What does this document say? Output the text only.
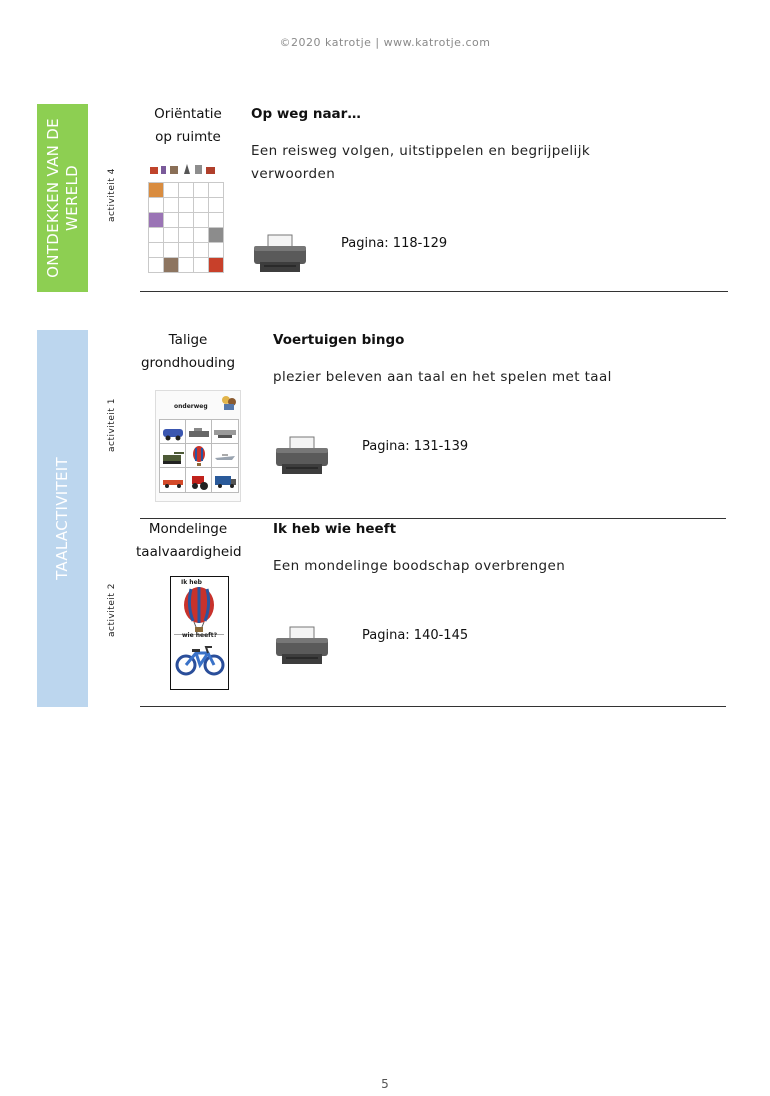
©2020 katrotje | www.katrotje.com
ONTDEKKEN VAN DE WERELD	activiteit 4
Oriëntatie
op ruimte

Op weg naar…
Een reisweg volgen, uitstippelen en begrijpelijk
verwoorden
Pagina: 118-129
TAALACTIVITEIT
activiteit 1
Talige
grondhouding
onderweg
Voertuigen bingo
plezier beleven aan taal en het spelen met taal
Pagina: 131-139
activiteit 2
Mondelinge
taalvaardigheid
Ik heb
wie heeft?
Ik heb wie heeft
Een mondelinge boodschap overbrengen
Pagina: 140-145
5
